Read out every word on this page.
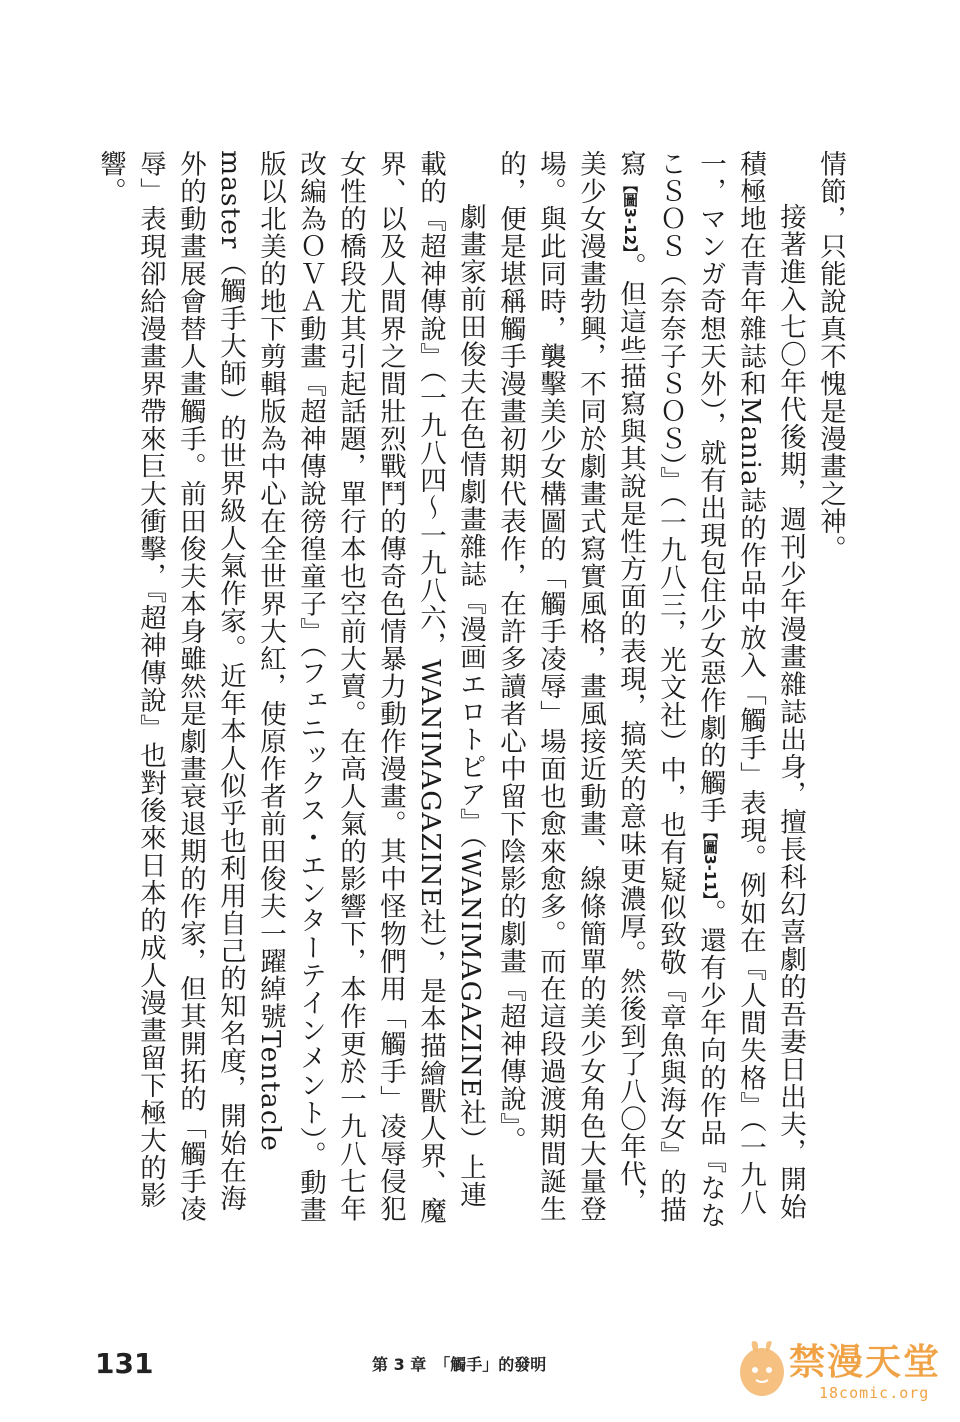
情節，只能說真不愧是漫畫之神。

接著進入七〇年代後期，週刊少年漫畫雜誌出身，擅長科幻喜劇的吾妻日出夫，開始積極地在青年雜誌和Mania誌的作品中放入「觸手」表現。例如在『人間失格』（一九八一，マンガ奇想天外），就有出現包住少女惡作劇的觸手【圖3-11】。還有少年向的作品『ななこＳＯＳ（奈奈子ＳＯＳ）』（一九八三，光文社）中，也有疑似致敬『章魚與海女』的描寫【圖3-12】。但這些描寫與其說是性方面的表現，搞笑的意味更濃厚。然後到了八〇年代，美少女漫畫勃興，不同於劇畫式寫實風格，畫風接近動畫、線條簡單的美少女角色大量登場。與此同時，襲擊美少女構圖的「觸手凌辱」場面也愈來愈多。而在這段過渡期間誕生的，便是堪稱觸手漫畫初期代表作，在許多讀者心中留下陰影的劇畫『超神傳說』。

劇畫家前田俊夫在色情劇畫雜誌『漫画エロトピア』（WANIMAGAZINE社）上連載的『超神傳說』（一九八四～一九八六，WANIMAGAZINE社），是本描繪獸人界、魔界、以及人間界之間壯烈戰鬥的傳奇色情暴力動作漫畫。其中怪物們用「觸手」凌辱侵犯女性的橋段尤其引起話題，單行本也空前大賣。在高人氣的影響下，本作更於一九八七年改編為ＯＶＡ動畫『超神傳說徬徨童子』（フェニックス・エンターテインメント）。動畫版以北美的地下剪輯版為中心在全世界大紅，使原作者前田俊夫一躍綽號Tentacle master（觸手大師）的世界級人氣作家。近年本人似乎也利用自己的知名度，開始在海外的動畫展會替人畫觸手。前田俊夫本身雖然是劇畫衰退期的作家，但其開拓的「觸手凌辱」表現卻給漫畫界帶來巨大衝擊，『超神傳說』也對後來日本的成人漫畫留下極大的影響。

131	第 3 章　「觸手」的發明	禁漫天堂
18comic.org
